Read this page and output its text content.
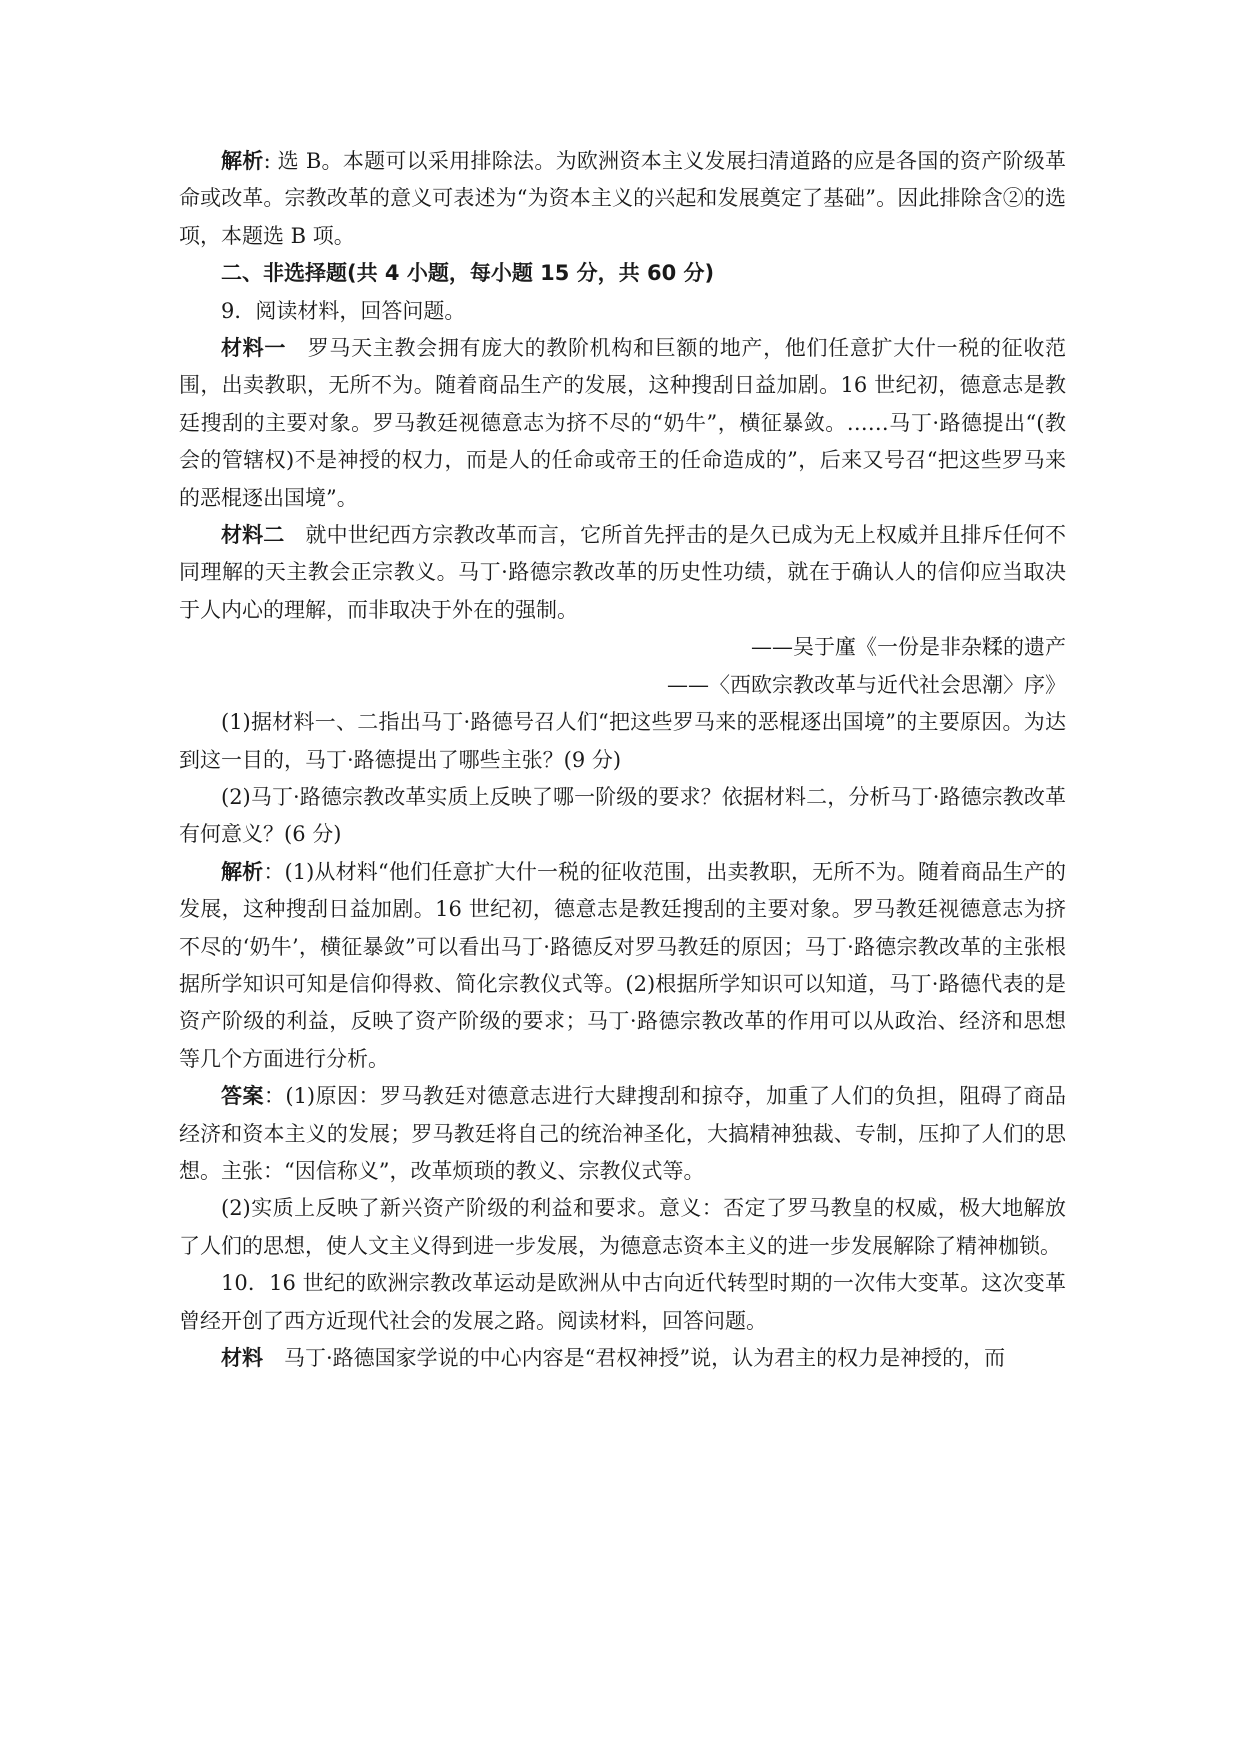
解析: 选 B。本题可以采用排除法。为欧洲资本主义发展扫清道路的应是各国的资产阶级革命或改革。宗教改革的意义可表述为“为资本主义的兴起和发展奠定了基础”。因此排除含②的选项，本题选 B 项。

二、非选择题(共 4 小题，每小题 15 分，共 60 分)

9．阅读材料，回答问题。

材料一　罗马天主教会拥有庞大的教阶机构和巨额的地产，他们任意扩大什一税的征收范围，出卖教职，无所不为。随着商品生产的发展，这种搜刮日益加剧。16 世纪初，德意志是教廷搜刮的主要对象。罗马教廷视德意志为挤不尽的“奶牛”，横征暴敛。……马丁·路德提出“(教会的管辖权)不是神授的权力，而是人的任命或帝王的任命造成的”，后来又号召“把这些罗马来的恶棍逐出国境”。

材料二　就中世纪西方宗教改革而言，它所首先抨击的是久已成为无上权威并且排斥任何不同理解的天主教会正宗教义。马丁·路德宗教改革的历史性功绩，就在于确认人的信仰应当取决于人内心的理解，而非取决于外在的强制。

——吴于廑《一份是非杂糅的遗产

——〈西欧宗教改革与近代社会思潮〉序》

(1)据材料一、二指出马丁·路德号召人们“把这些罗马来的恶棍逐出国境”的主要原因。为达到这一目的，马丁·路德提出了哪些主张？(9 分)

(2)马丁·路德宗教改革实质上反映了哪一阶级的要求？依据材料二，分析马丁·路德宗教改革有何意义？(6 分)

解析：(1)从材料“他们任意扩大什一税的征收范围，出卖教职，无所不为。随着商品生产的发展，这种搜刮日益加剧。16 世纪初，德意志是教廷搜刮的主要对象。罗马教廷视德意志为挤不尽的‘奶牛’，横征暴敛”可以看出马丁·路德反对罗马教廷的原因；马丁·路德宗教改革的主张根据所学知识可知是信仰得救、简化宗教仪式等。(2)根据所学知识可以知道，马丁·路德代表的是资产阶级的利益，反映了资产阶级的要求；马丁·路德宗教改革的作用可以从政治、经济和思想等几个方面进行分析。

答案：(1)原因：罗马教廷对德意志进行大肆搜刮和掠夺，加重了人们的负担，阻碍了商品经济和资本主义的发展；罗马教廷将自己的统治神圣化，大搞精神独裁、专制，压抑了人们的思想。主张：“因信称义”，改革烦琐的教义、宗教仪式等。

(2)实质上反映了新兴资产阶级的利益和要求。意义：否定了罗马教皇的权威，极大地解放了人们的思想，使人文主义得到进一步发展，为德意志资本主义的进一步发展解除了精神枷锁。

10．16 世纪的欧洲宗教改革运动是欧洲从中古向近代转型时期的一次伟大变革。这次变革曾经开创了西方近现代社会的发展之路。阅读材料，回答问题。

材料　马丁·路德国家学说的中心内容是“君权神授”说，认为君主的权力是神授的，而
